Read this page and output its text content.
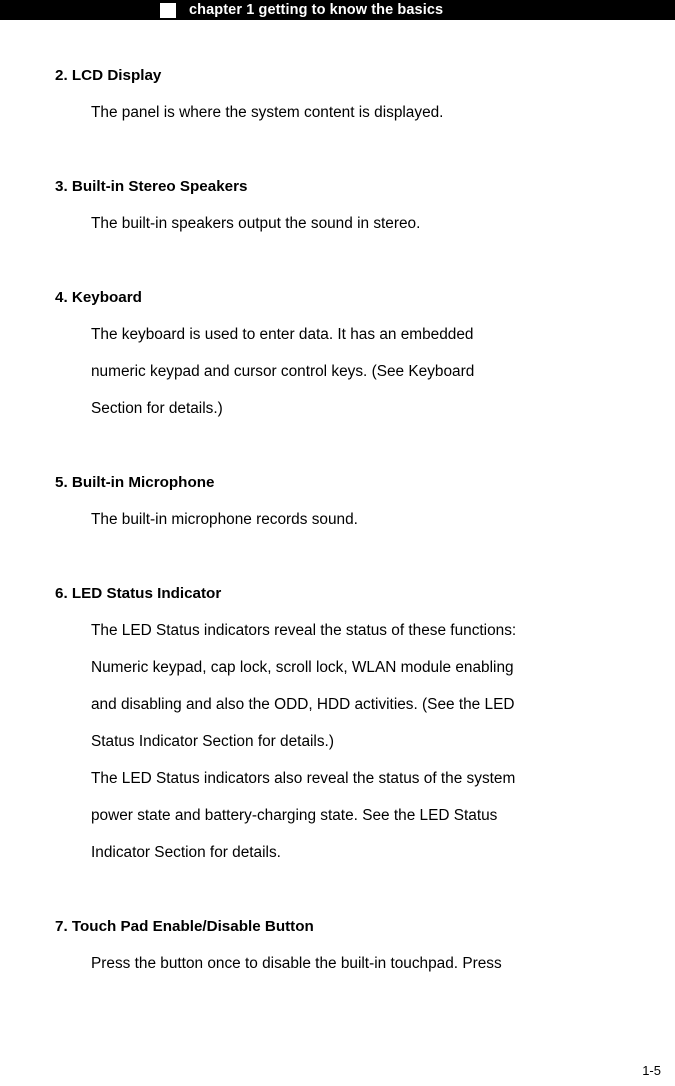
chapter 1 getting to know the basics
2. LCD Display
The panel is where the system content is displayed.
3. Built-in Stereo Speakers
The built-in speakers output the sound in stereo.
4. Keyboard
The keyboard is used to enter data. It has an embedded
numeric keypad and cursor control keys. (See Keyboard
Section for details.)
5. Built-in Microphone
The built-in microphone records sound.
6. LED Status Indicator
The LED Status indicators reveal the status of these functions:
Numeric keypad, cap lock, scroll lock, WLAN module enabling
and disabling and also the ODD, HDD activities. (See the LED
Status Indicator Section for details.)
The LED Status indicators also reveal the status of the system
power state and battery-charging state. See the LED Status
Indicator Section for details.
7. Touch Pad Enable/Disable Button
Press the button once to disable the built-in touchpad. Press
1-5
